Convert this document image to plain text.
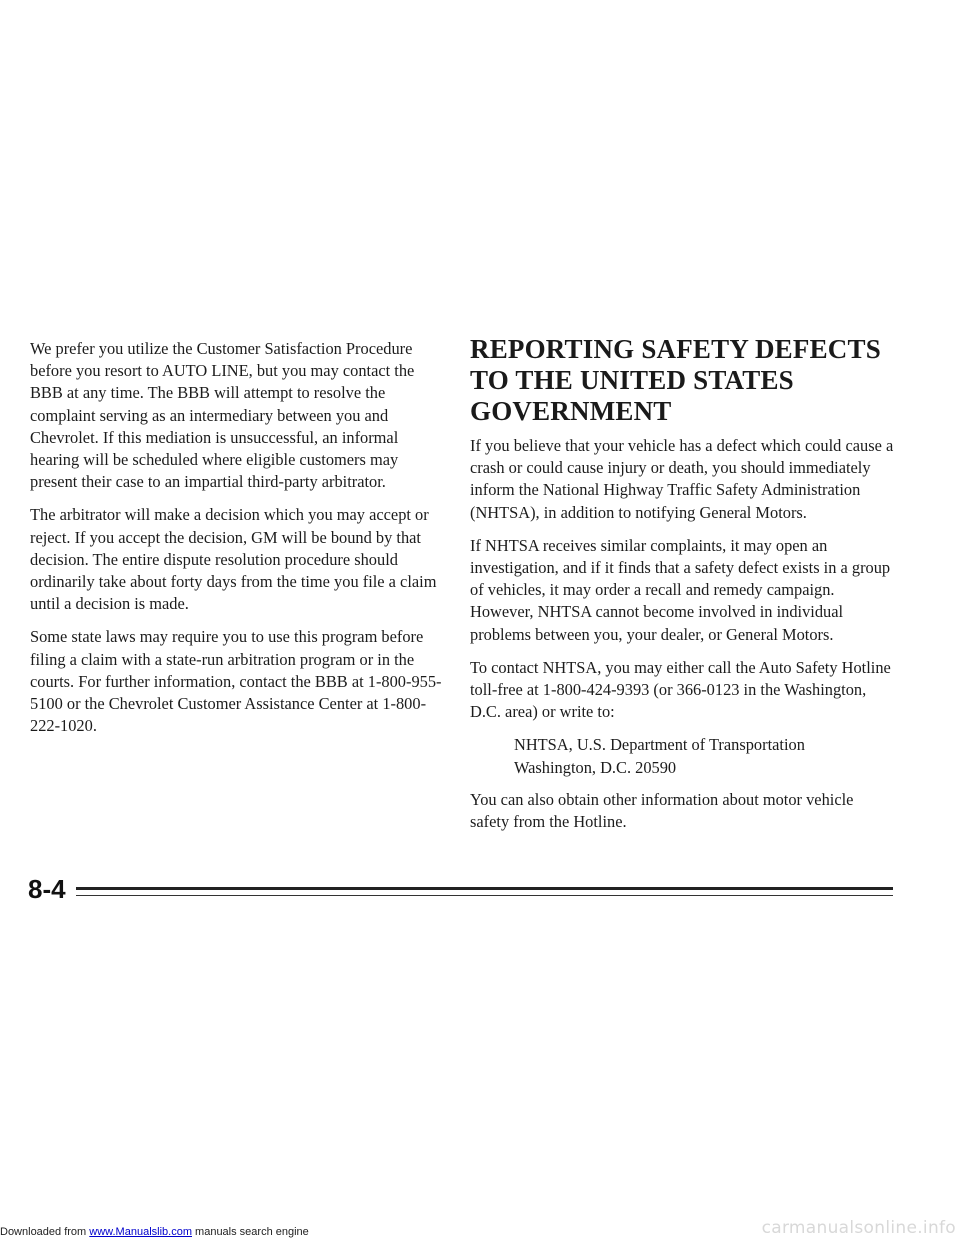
We prefer you utilize the Customer Satisfaction Procedure before you resort to AUTO LINE, but you may contact the BBB at any time. The BBB will attempt to resolve the complaint serving as an intermediary between you and Chevrolet. If this mediation is unsuccessful, an informal hearing will be scheduled where eligible customers may present their case to an impartial third-party arbitrator.

The arbitrator will make a decision which you may accept or reject. If you accept the decision, GM will be bound by that decision. The entire dispute resolution procedure should ordinarily take about forty days from the time you file a claim until a decision is made.

Some state laws may require you to use this program before filing a claim with a state-run arbitration program or in the courts. For further information, contact the BBB at 1-800-955-5100 or the Chevrolet Customer Assistance Center at 1-800-222-1020.

REPORTING SAFETY DEFECTS TO THE UNITED STATES GOVERNMENT

If you believe that your vehicle has a defect which could cause a crash or could cause injury or death, you should immediately inform the National Highway Traffic Safety Administration (NHTSA), in addition to notifying General Motors.

If NHTSA receives similar complaints, it may open an investigation, and if it finds that a safety defect exists in a group of vehicles, it may order a recall and remedy campaign. However, NHTSA cannot become involved in individual problems between you, your dealer, or General Motors.

To contact NHTSA, you may either call the Auto Safety Hotline toll-free at 1-800-424-9393 (or 366-0123 in the Washington, D.C. area) or write to:

NHTSA, U.S. Department of Transportation
Washington, D.C. 20590

You can also obtain other information about motor vehicle safety from the Hotline.

8-4
Downloaded from www.Manualslib.com manuals search engine	carmanualsonline.info
